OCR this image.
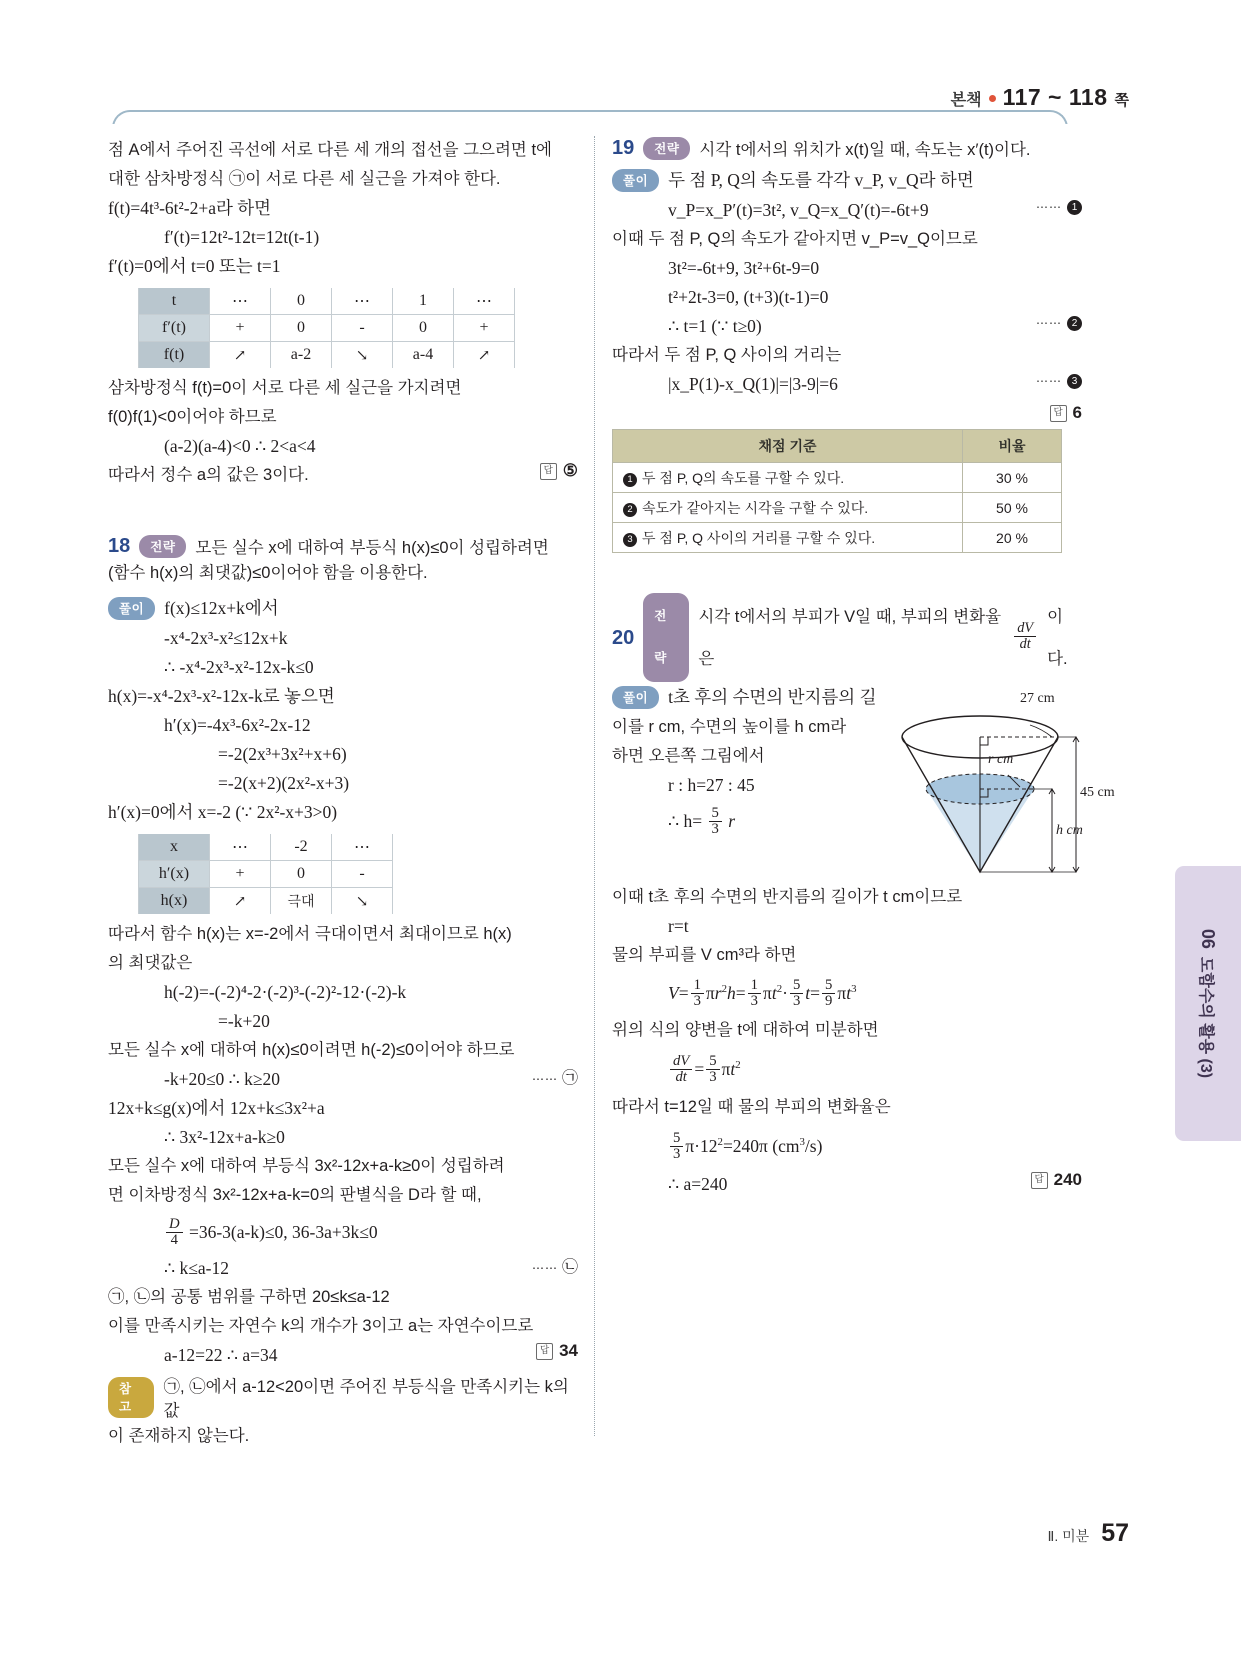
본책 117 ~ 118 쪽
점 A에서 주어진 곡선에 서로 다른 세 개의 접선을 그으려면 t에
대한 삼차방정식 ㉠이 서로 다른 세 실근을 가져야 한다.
f(t)=4t³-6t²-2+a라 하면
f′(t)=12t²-12t=12t(t-1)
f′(t)=0에서 t=0 또는 t=1
t	⋯	0	⋯	1	⋯
f′(t)	+	0	-	0	+
f(t)	↗	a-2	↘	a-4	↗
삼차방정식 f(t)=0이 서로 다른 세 실근을 가지려면
f(0)f(1)<0이어야 하므로
(a-2)(a-4)<0 ∴ 2<a<4
따라서 정수 a의 값은 3이다.	답 ⑤
18	전략	모든 실수 x에 대하여 부등식 h(x)≤0이 성립하려면
(함수 h(x)의 최댓값)≤0이어야 함을 이용한다.
풀이	f(x)≤12x+k에서
-x⁴-2x³-x²≤12x+k
∴ -x⁴-2x³-x²-12x-k≤0
h(x)=-x⁴-2x³-x²-12x-k로 놓으면
h′(x)=-4x³-6x²-2x-12
=-2(2x³+3x²+x+6)
=-2(x+2)(2x²-x+3)
h′(x)=0에서 x=-2 (∵ 2x²-x+3>0)
x	⋯	-2	⋯
h′(x)	+	0	-
h(x)	↗	극대	↘
따라서 함수 h(x)는 x=-2에서 극대이면서 최대이므로 h(x)
의 최댓값은
h(-2)=-(-2)⁴-2·(-2)³-(-2)²-12·(-2)-k
=-k+20
모든 실수 x에 대하여 h(x)≤0이려면 h(-2)≤0이어야 하므로
-k+20≤0 ∴ k≥20	⋯⋯ ㉠
12x+k≤g(x)에서 12x+k≤3x²+a
∴ 3x²-12x+a-k≥0
모든 실수 x에 대하여 부등식 3x²-12x+a-k≥0이 성립하려
면 이차방정식 3x²-12x+a-k=0의 판별식을 D라 할 때,
$\frac{D}{4} =36-3(a-k)\le 0$, 36-3a+3k≤0
∴ k≤a-12	⋯⋯ ㉡
㉠, ㉡의 공통 범위를 구하면 20≤k≤a-12
이를 만족시키는 자연수 k의 개수가 3이고 a는 자연수이므로
a-12=22 ∴ a=34	답 34
참고
㉠, ㉡에서 a-12<20이면 주어진 부등식을 만족시키는 k의 값
이 존재하지 않는다.
19	전략	시각 t에서의 위치가 x(t)일 때, 속도는 x′(t)이다.
풀이	두 점 P, Q의 속도를 각각 v_P, v_Q라 하면
v_P=x_P′(t)=3t², v_Q=x_Q′(t)=-6t+9	⋯⋯ 1
이때 두 점 P, Q의 속도가 같아지면 v_P=v_Q이므로
3t²=-6t+9, 3t²+6t-9=0
t²+2t-3=0, (t+3)(t-1)=0
∴ t=1 (∵ t≥0)	⋯⋯ 2
따라서 두 점 P, Q 사이의 거리는
|x_P(1)-x_Q(1)|=|3-9|=6	⋯⋯ 3
답 6
채점 기준	비율
1 두 점 P, Q의 속도를 구할 수 있다.	30 %
2 속도가 같아지는 시각을 구할 수 있다.	50 %
3 두 점 P, Q 사이의 거리를 구할 수 있다.	20 %
20
전략
시각 t에서의 부피가 V일 때, 부피의 변화율은
$\frac{dV}{dt}$
이다.
27 cm
r cm
45 cm
h cm
풀이	t초 후의 수면의 반지름의 길
이를 r cm, 수면의 높이를 h cm라
하면 오른쪽 그림에서
r : h=27 : 45
∴ $h= \frac{5}{3}$ r
이때 t초 후의 수면의 반지름의 길이가 t cm이므로
r=t
물의 부피를 V cm³라 하면
$V= \frac{1}{3} \pi r^2h= \frac{1}{3} \pi t^2\cdot \frac{5}{3} t= \frac{5}{9} \pi t^3$
위의 식의 양변을 t에 대하여 미분하면
$\frac{dV}{dt} = \frac{5}{3} \pi t^2$
따라서 t=12일 때 물의 부피의 변화율은
$\frac{5}{3} \pi\cdot 12^2=240\pi$ $(cm^3/s)$
∴ a=240	답 240
06
도함수의 활용 (3)
Ⅱ. 미분 57
